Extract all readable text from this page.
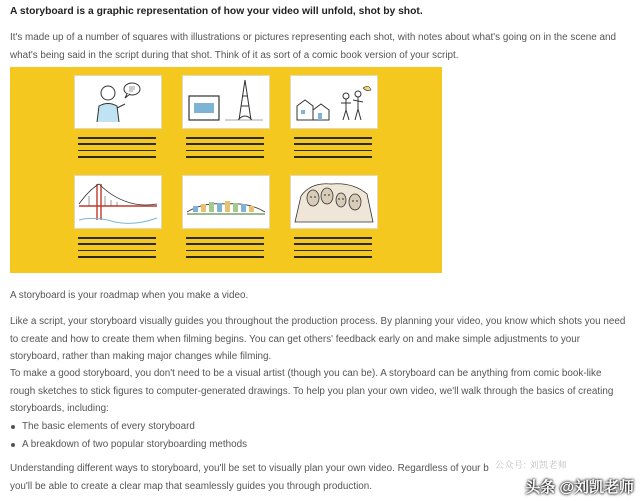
A storyboard is a graphic representation of how your video will unfold, shot by shot.

It's made up of a number of squares with illustrations or pictures representing each shot, with notes about what's going on in the scene and what's being said in the script during that shot. Think of it as sort of a comic book version of your script.

A storyboard is your roadmap when you make a video.

Like a script, your storyboard visually guides you throughout the production process. By planning your video, you know which shots you need to create and how to create them when filming begins. You can get others' feedback early on and make simple adjustments to your storyboard, rather than making major changes while filming.

To make a good storyboard, you don't need to be a visual artist (though you can be). A storyboard can be anything from comic book-like rough sketches to stick figures to computer-generated drawings. To help you plan your own video, we'll walk through the basics of creating storyboards, including:

The basic elements of every storyboard
A breakdown of two popular storyboarding methods

Understanding different ways to storyboard, you'll be set to visually plan your own video. Regardless of your b you'll be able to create a clear map that seamlessly guides you through production.

公众号: 刘凯老师
头条 @刘凯老师
